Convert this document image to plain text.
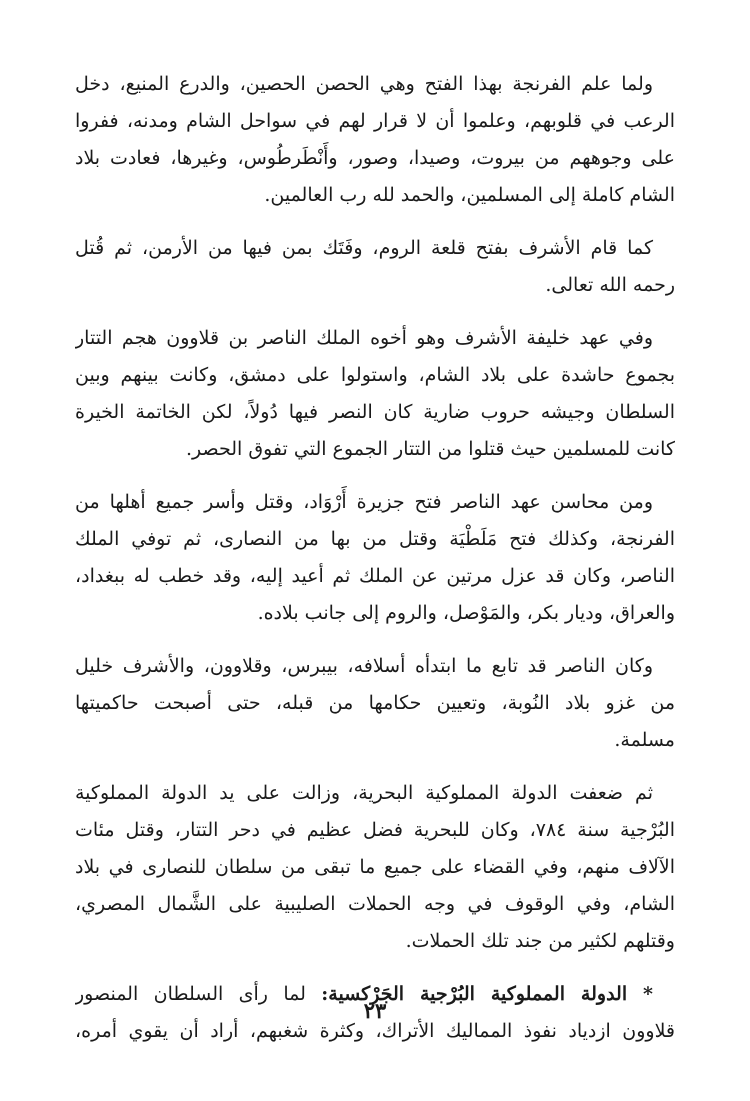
ولما علم الفرنجة بهذا الفتح وهي الحصن الحصين، والدرع المنيع، دخل
الرعب في قلوبهم، وعلموا أن لا قرار لهم في سواحل الشام ومدنه، ففروا
على وجوههم من بيروت، وصيدا، وصور، وأَنْطَرطُوس، وغيرها، فعادت بلاد
الشام كاملة إلى المسلمين، والحمد لله رب العالمين.
كما قام الأشرف بفتح قلعة الروم، وفَتَك بمن فيها من الأرمن، ثم قُتل
رحمه الله تعالى.
وفي عهد خليفة الأشرف وهو أخوه الملك الناصر بن قلاوون هجم التتار
بجموع حاشدة على بلاد الشام، واستولوا على دمشق، وكانت بينهم وبين
السلطان وجيشه حروب ضارية كان النصر فيها دُولاً، لكن الخاتمة الخيرة
كانت للمسلمين حيث قتلوا من التتار الجموع التي تفوق الحصر.
ومن محاسن عهد الناصر فتح جزيرة أَرْوَاد، وقتل وأسر جميع أهلها من
الفرنجة، وكذلك فتح مَلَطْيَة وقتل من بها من النصارى، ثم توفي الملك
الناصر، وكان قد عزل مرتين عن الملك ثم أعيد إليه، وقد خطب له ببغداد،
والعراق، وديار بكر، والمَوْصل، والروم إلى جانب بلاده.
وكان الناصر قد تابع ما ابتدأه أسلافه، بيبرس، وقلاوون، والأشرف خليل
من غزو بلاد النُوبة، وتعيين حكامها من قبله، حتى أصبحت حاكميتها
مسلمة.
ثم ضعفت الدولة المملوكية البحرية، وزالت على يد الدولة المملوكية
البُرْجية سنة ٧٨٤، وكان للبحرية فضل عظيم في دحر التتار، وقتل مئات
الآلاف منهم، وفي القضاء على جميع ما تبقى من سلطان للنصارى في بلاد
الشام، وفي الوقوف في وجه الحملات الصليبية على الشَّمال المصري،
وقتلهم لكثير من جند تلك الحملات.
* الدولة المملوكية البُرْجية الجَرْكسية: لما رأى السلطان المنصور
قلاوون ازدياد نفوذ المماليك الأتراك، وكثرة شغبهم، أراد أن يقوي أمره،
٢٣
